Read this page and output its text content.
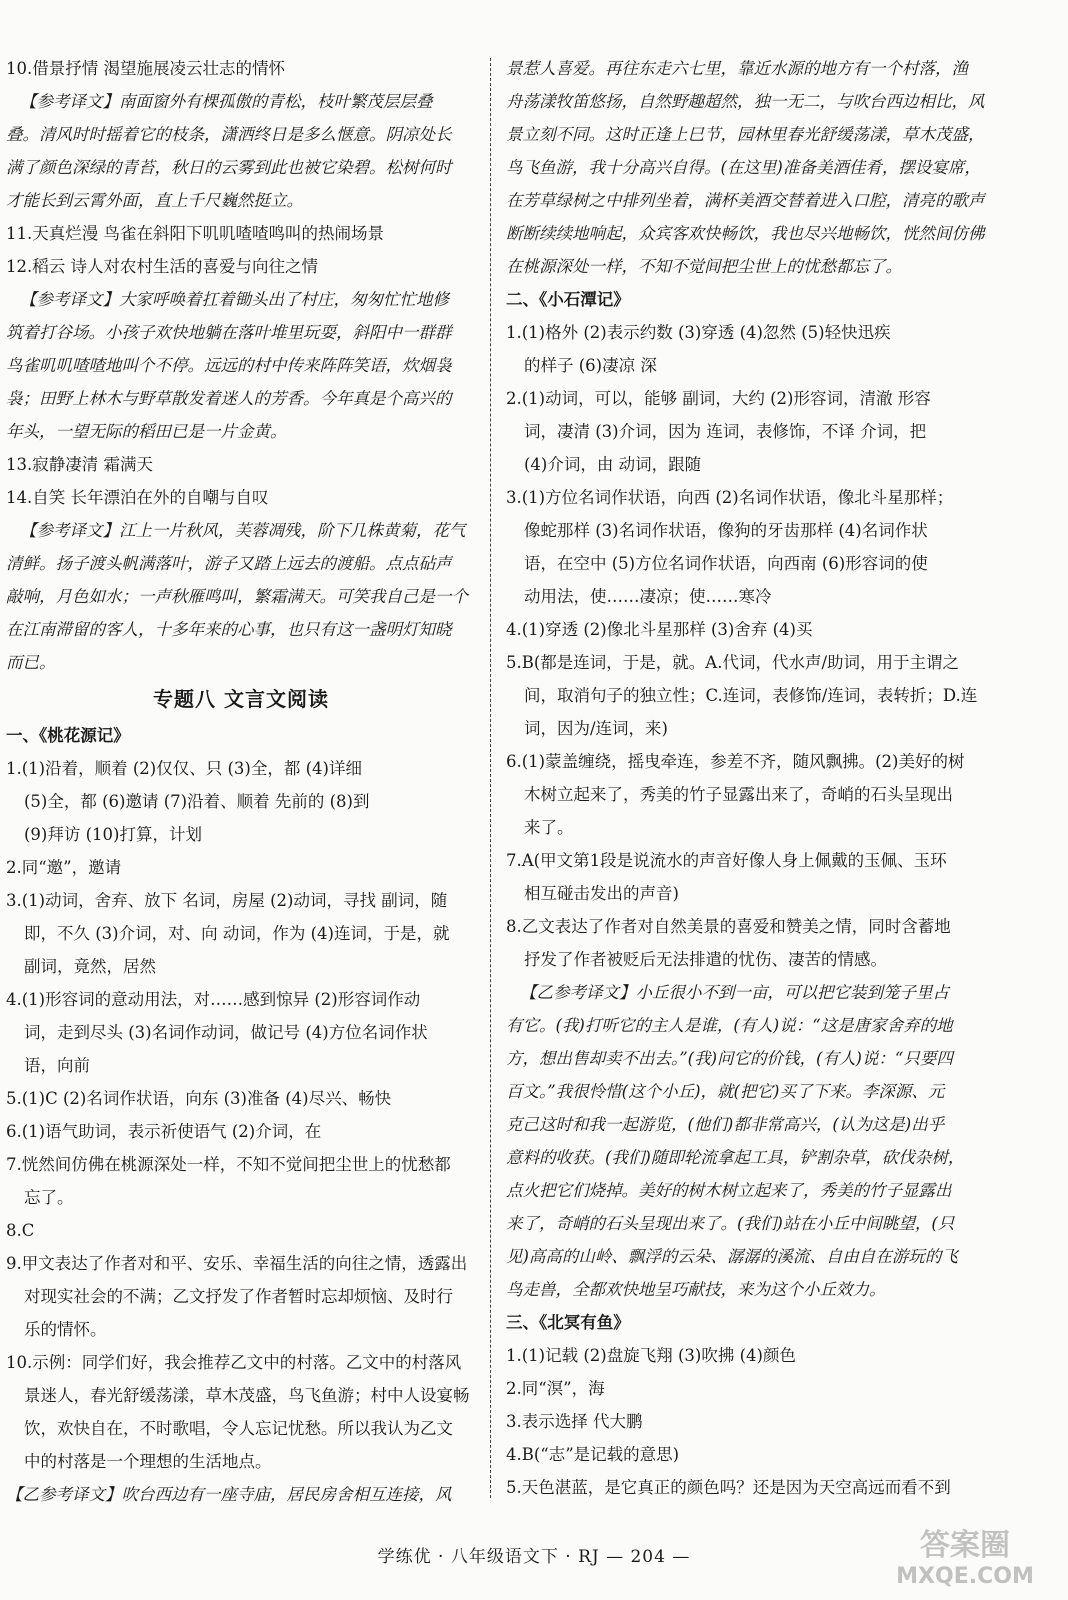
10.借景抒情 渴望施展凌云壮志的情怀
【参考译文】南面窗外有棵孤傲的青松，枝叶繁茂层层叠
叠。清风时时摇着它的枝条，潇洒终日是多么惬意。阴凉处长
满了颜色深绿的青苔，秋日的云雾到此也被它染碧。松树何时
才能长到云霄外面，直上千尺巍然挺立。
11.天真烂漫 鸟雀在斜阳下叽叽喳喳鸣叫的热闹场景
12.稻云 诗人对农村生活的喜爱与向往之情
【参考译文】大家呼唤着扛着锄头出了村庄，匆匆忙忙地修
筑着打谷场。小孩子欢快地躺在落叶堆里玩耍，斜阳中一群群
鸟雀叽叽喳喳地叫个不停。远远的村中传来阵阵笑语，炊烟袅
袅；田野上林木与野草散发着迷人的芳香。今年真是个高兴的
年头，一望无际的稻田已是一片金黄。
13.寂静凄清 霜满天
14.自笑 长年漂泊在外的自嘲与自叹
【参考译文】江上一片秋风，芙蓉凋残，阶下几株黄菊，花气
清鲜。扬子渡头帆满落叶，游子又踏上远去的渡船。点点砧声
敲响，月色如水；一声秋雁鸣叫，繁霜满天。可笑我自己是一个
在江南滞留的客人，十多年来的心事，也只有这一盏明灯知晓
而已。
专题八 文言文阅读
一、《桃花源记》
1.(1)沿着，顺着 (2)仅仅、只 (3)全，都 (4)详细
(5)全，都 (6)邀请 (7)沿着、顺着 先前的 (8)到
(9)拜访 (10)打算，计划
2.同“邀”，邀请
3.(1)动词，舍弃、放下 名词，房屋 (2)动词，寻找 副词，随
即，不久 (3)介词，对、向 动词，作为 (4)连词，于是，就
副词，竟然，居然
4.(1)形容词的意动用法，对……感到惊异 (2)形容词作动
词，走到尽头 (3)名词作动词，做记号 (4)方位名词作状
语，向前
5.(1)C (2)名词作状语，向东 (3)准备 (4)尽兴、畅快
6.(1)语气助词，表示祈使语气 (2)介词，在
7.恍然间仿佛在桃源深处一样，不知不觉间把尘世上的忧愁都
忘了。
8.C
9.甲文表达了作者对和平、安乐、幸福生活的向往之情，透露出
对现实社会的不满；乙文抒发了作者暂时忘却烦恼、及时行
乐的情怀。
10.示例：同学们好，我会推荐乙文中的村落。乙文中的村落风
景迷人，春光舒缓荡漾，草木茂盛，鸟飞鱼游；村中人设宴畅
饮，欢快自在，不时歌唱，令人忘记忧愁。所以我认为乙文
中的村落是一个理想的生活地点。
【乙参考译文】吹台西边有一座寺庙，居民房舍相互连接，风
景惹人喜爱。再往东走六七里，靠近水源的地方有一个村落，渔
舟荡漾牧笛悠扬，自然野趣超然，独一无二，与吹台西边相比，风
景立刻不同。这时正逢上巳节，园林里春光舒缓荡漾，草木茂盛，
鸟飞鱼游，我十分高兴自得。(在这里)准备美酒佳肴，摆设宴席，
在芳草绿树之中排列坐着，满杯美酒交替着进入口腔，清亮的歌声
断断续续地响起，众宾客欢快畅饮，我也尽兴地畅饮，恍然间仿佛
在桃源深处一样，不知不觉间把尘世上的忧愁都忘了。
二、《小石潭记》
1.(1)格外 (2)表示约数 (3)穿透 (4)忽然 (5)轻快迅疾
的样子 (6)凄凉 深
2.(1)动词，可以，能够 副词，大约 (2)形容词，清澈 形容
词，凄清 (3)介词，因为 连词，表修饰，不译 介词，把
(4)介词，由 动词，跟随
3.(1)方位名词作状语，向西 (2)名词作状语，像北斗星那样；
像蛇那样 (3)名词作状语，像狗的牙齿那样 (4)名词作状
语，在空中 (5)方位名词作状语，向西南 (6)形容词的使
动用法，使……凄凉；使……寒冷
4.(1)穿透 (2)像北斗星那样 (3)舍弃 (4)买
5.B(都是连词，于是，就。A.代词，代水声/助词，用于主谓之
间，取消句子的独立性；C.连词，表修饰/连词，表转折；D.连
词，因为/连词，来)
6.(1)蒙盖缠绕，摇曳牵连，参差不齐，随风飘拂。(2)美好的树
木树立起来了，秀美的竹子显露出来了，奇峭的石头呈现出
来了。
7.A(甲文第1段是说流水的声音好像人身上佩戴的玉佩、玉环
相互碰击发出的声音)
8.乙文表达了作者对自然美景的喜爱和赞美之情，同时含蓄地
抒发了作者被贬后无法排遣的忧伤、凄苦的情感。
【乙参考译文】小丘很小不到一亩，可以把它装到笼子里占
有它。(我)打听它的主人是谁，(有人)说：“这是唐家舍弃的地
方，想出售却卖不出去。”(我)问它的价钱，(有人)说：“只要四
百文。”我很怜惜(这个小丘)，就(把它)买了下来。李深源、元
克己这时和我一起游览，(他们)都非常高兴，(认为这是)出乎
意料的收获。(我们)随即轮流拿起工具，铲割杂草，砍伐杂树，
点火把它们烧掉。美好的树木树立起来了，秀美的竹子显露出
来了，奇峭的石头呈现出来了。(我们)站在小丘中间眺望，(只
见)高高的山岭、飘浮的云朵、潺潺的溪流、自由自在游玩的飞
鸟走兽，全都欢快地呈巧献技，来为这个小丘效力。
三、《北冥有鱼》
1.(1)记载 (2)盘旋飞翔 (3)吹拂 (4)颜色
2.同“溟”，海
3.表示选择 代大鹏
4.B(“志”是记载的意思)
5.天色湛蓝，是它真正的颜色吗？还是因为天空高远而看不到
学练优 · 八年级语文下 · RJ — 204 —	答案圈
MXQE.COM
